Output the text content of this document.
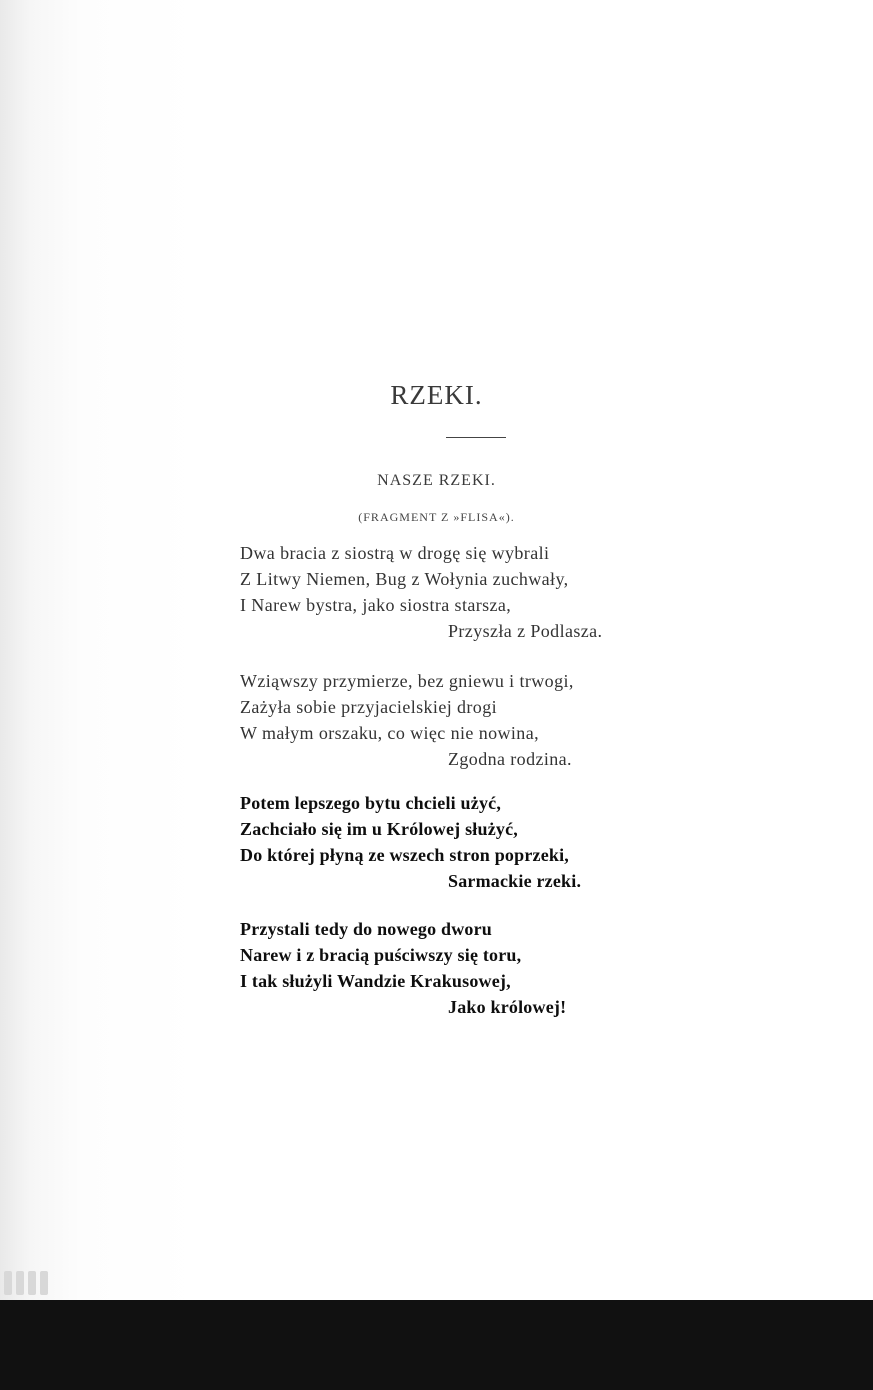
RZEKI.
NASZE RZEKI.
(FRAGMENT Z »FLISA«).
Dwa bracia z siostrą w drogę się wybrali
Z Litwy Niemen, Bug z Wołynia zuchwały,
I Narew bystra, jako siostra starsza,
Przyszła z Podlasza.
Wziąwszy przymierze, bez gniewu i trwogi,
Zażyła sobie przyjacielskiej drogi
W małym orszaku, co więc nie nowina,
Zgodna rodzina.
Potem lepszego bytu chcieli użyć,
Zachciało się im u Królowej służyć,
Do której płyną ze wszech stron poprzeki,
Sarmackie rzeki.
Przystali tedy do nowego dworu
Narew i z bracią puściwszy się toru,
I tak służyli Wandzie Krakusowej,
Jako królowej!
